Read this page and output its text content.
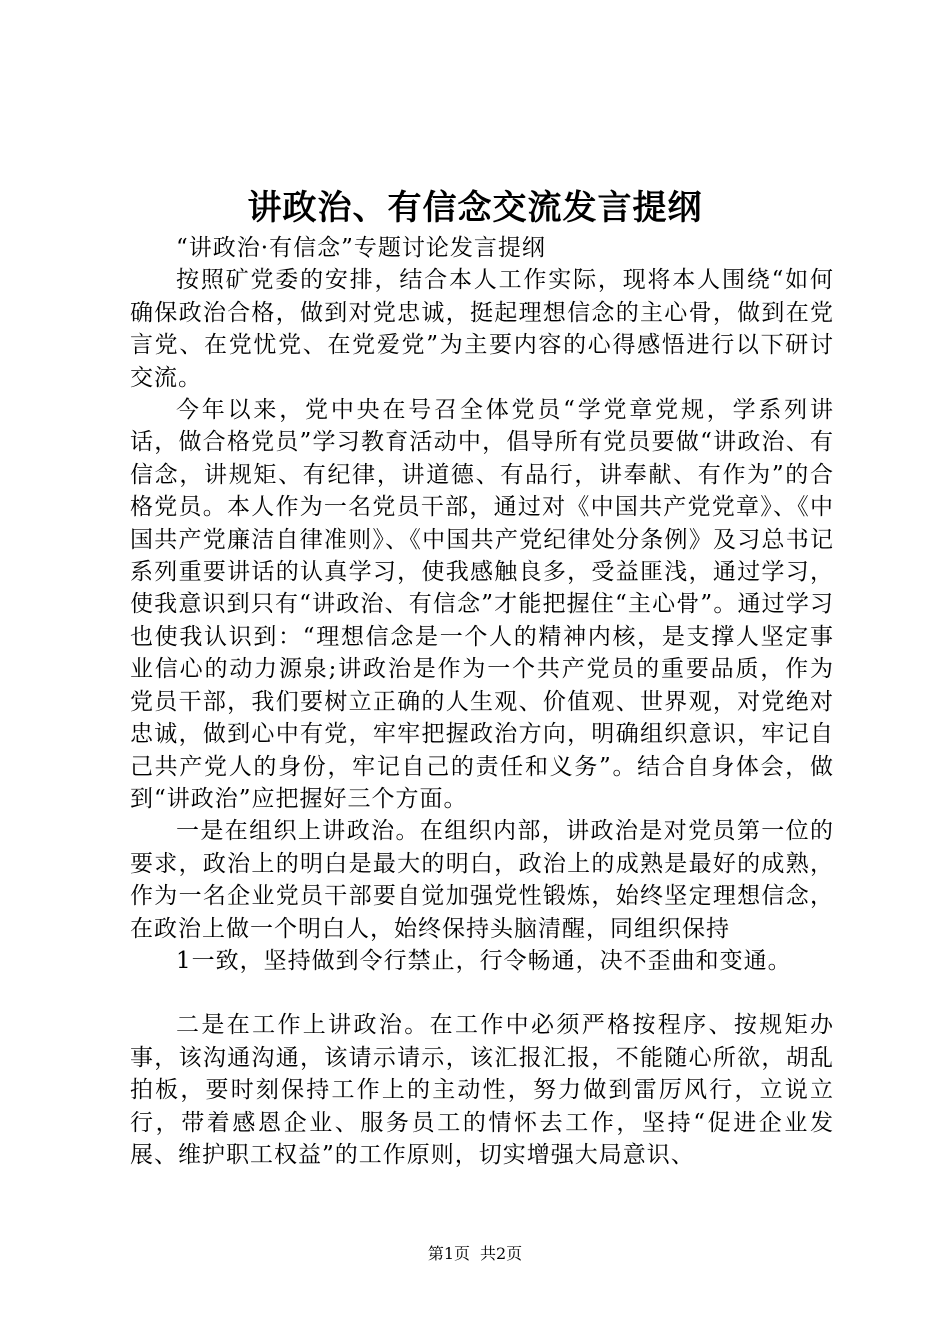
讲政治、有信念交流发言提纲

“讲政治·有信念”专题讨论发言提纲

按照矿党委的安排，结合本人工作实际，现将本人围绕“如何确保政治合格，做到对党忠诚，挺起理想信念的主心骨，做到在党言党、在党忧党、在党爱党”为主要内容的心得感悟进行以下研讨交流。

今年以来，党中央在号召全体党员“学党章党规，学系列讲话，做合格党员”学习教育活动中，倡导所有党员要做“讲政治、有信念，讲规矩、有纪律，讲道德、有品行，讲奉献、有作为”的合格党员。本人作为一名党员干部，通过对《中国共产党党章》、《中国共产党廉洁自律准则》、《中国共产党纪律处分条例》及习总书记系列重要讲话的认真学习，使我感触良多，受益匪浅，通过学习，使我意识到只有“讲政治、有信念”才能把握住“主心骨”。通过学习也使我认识到：“理想信念是一个人的精神内核，是支撑人坚定事业信心的动力源泉;讲政治是作为一个共产党员的重要品质，作为党员干部，我们要树立正确的人生观、价值观、世界观，对党绝对忠诚，做到心中有党，牢牢把握政治方向，明确组织意识，牢记自己共产党人的身份，牢记自己的责任和义务”。结合自身体会，做到“讲政治”应把握好三个方面。

一是在组织上讲政治。在组织内部，讲政治是对党员第一位的要求，政治上的明白是最大的明白，政治上的成熟是最好的成熟，作为一名企业党员干部要自觉加强党性锻炼，始终坚定理想信念，在政治上做一个明白人，始终保持头脑清醒，同组织保持

1一致，坚持做到令行禁止，行令畅通，决不歪曲和变通。

二是在工作上讲政治。在工作中必须严格按程序、按规矩办事，该沟通沟通，该请示请示，该汇报汇报，不能随心所欲，胡乱拍板，要时刻保持工作上的主动性，努力做到雷厉风行，立说立行，带着感恩企业、服务员工的情怀去工作，坚持“促进企业发展、维护职工权益”的工作原则，切实增强大局意识、

第1页 共2页
